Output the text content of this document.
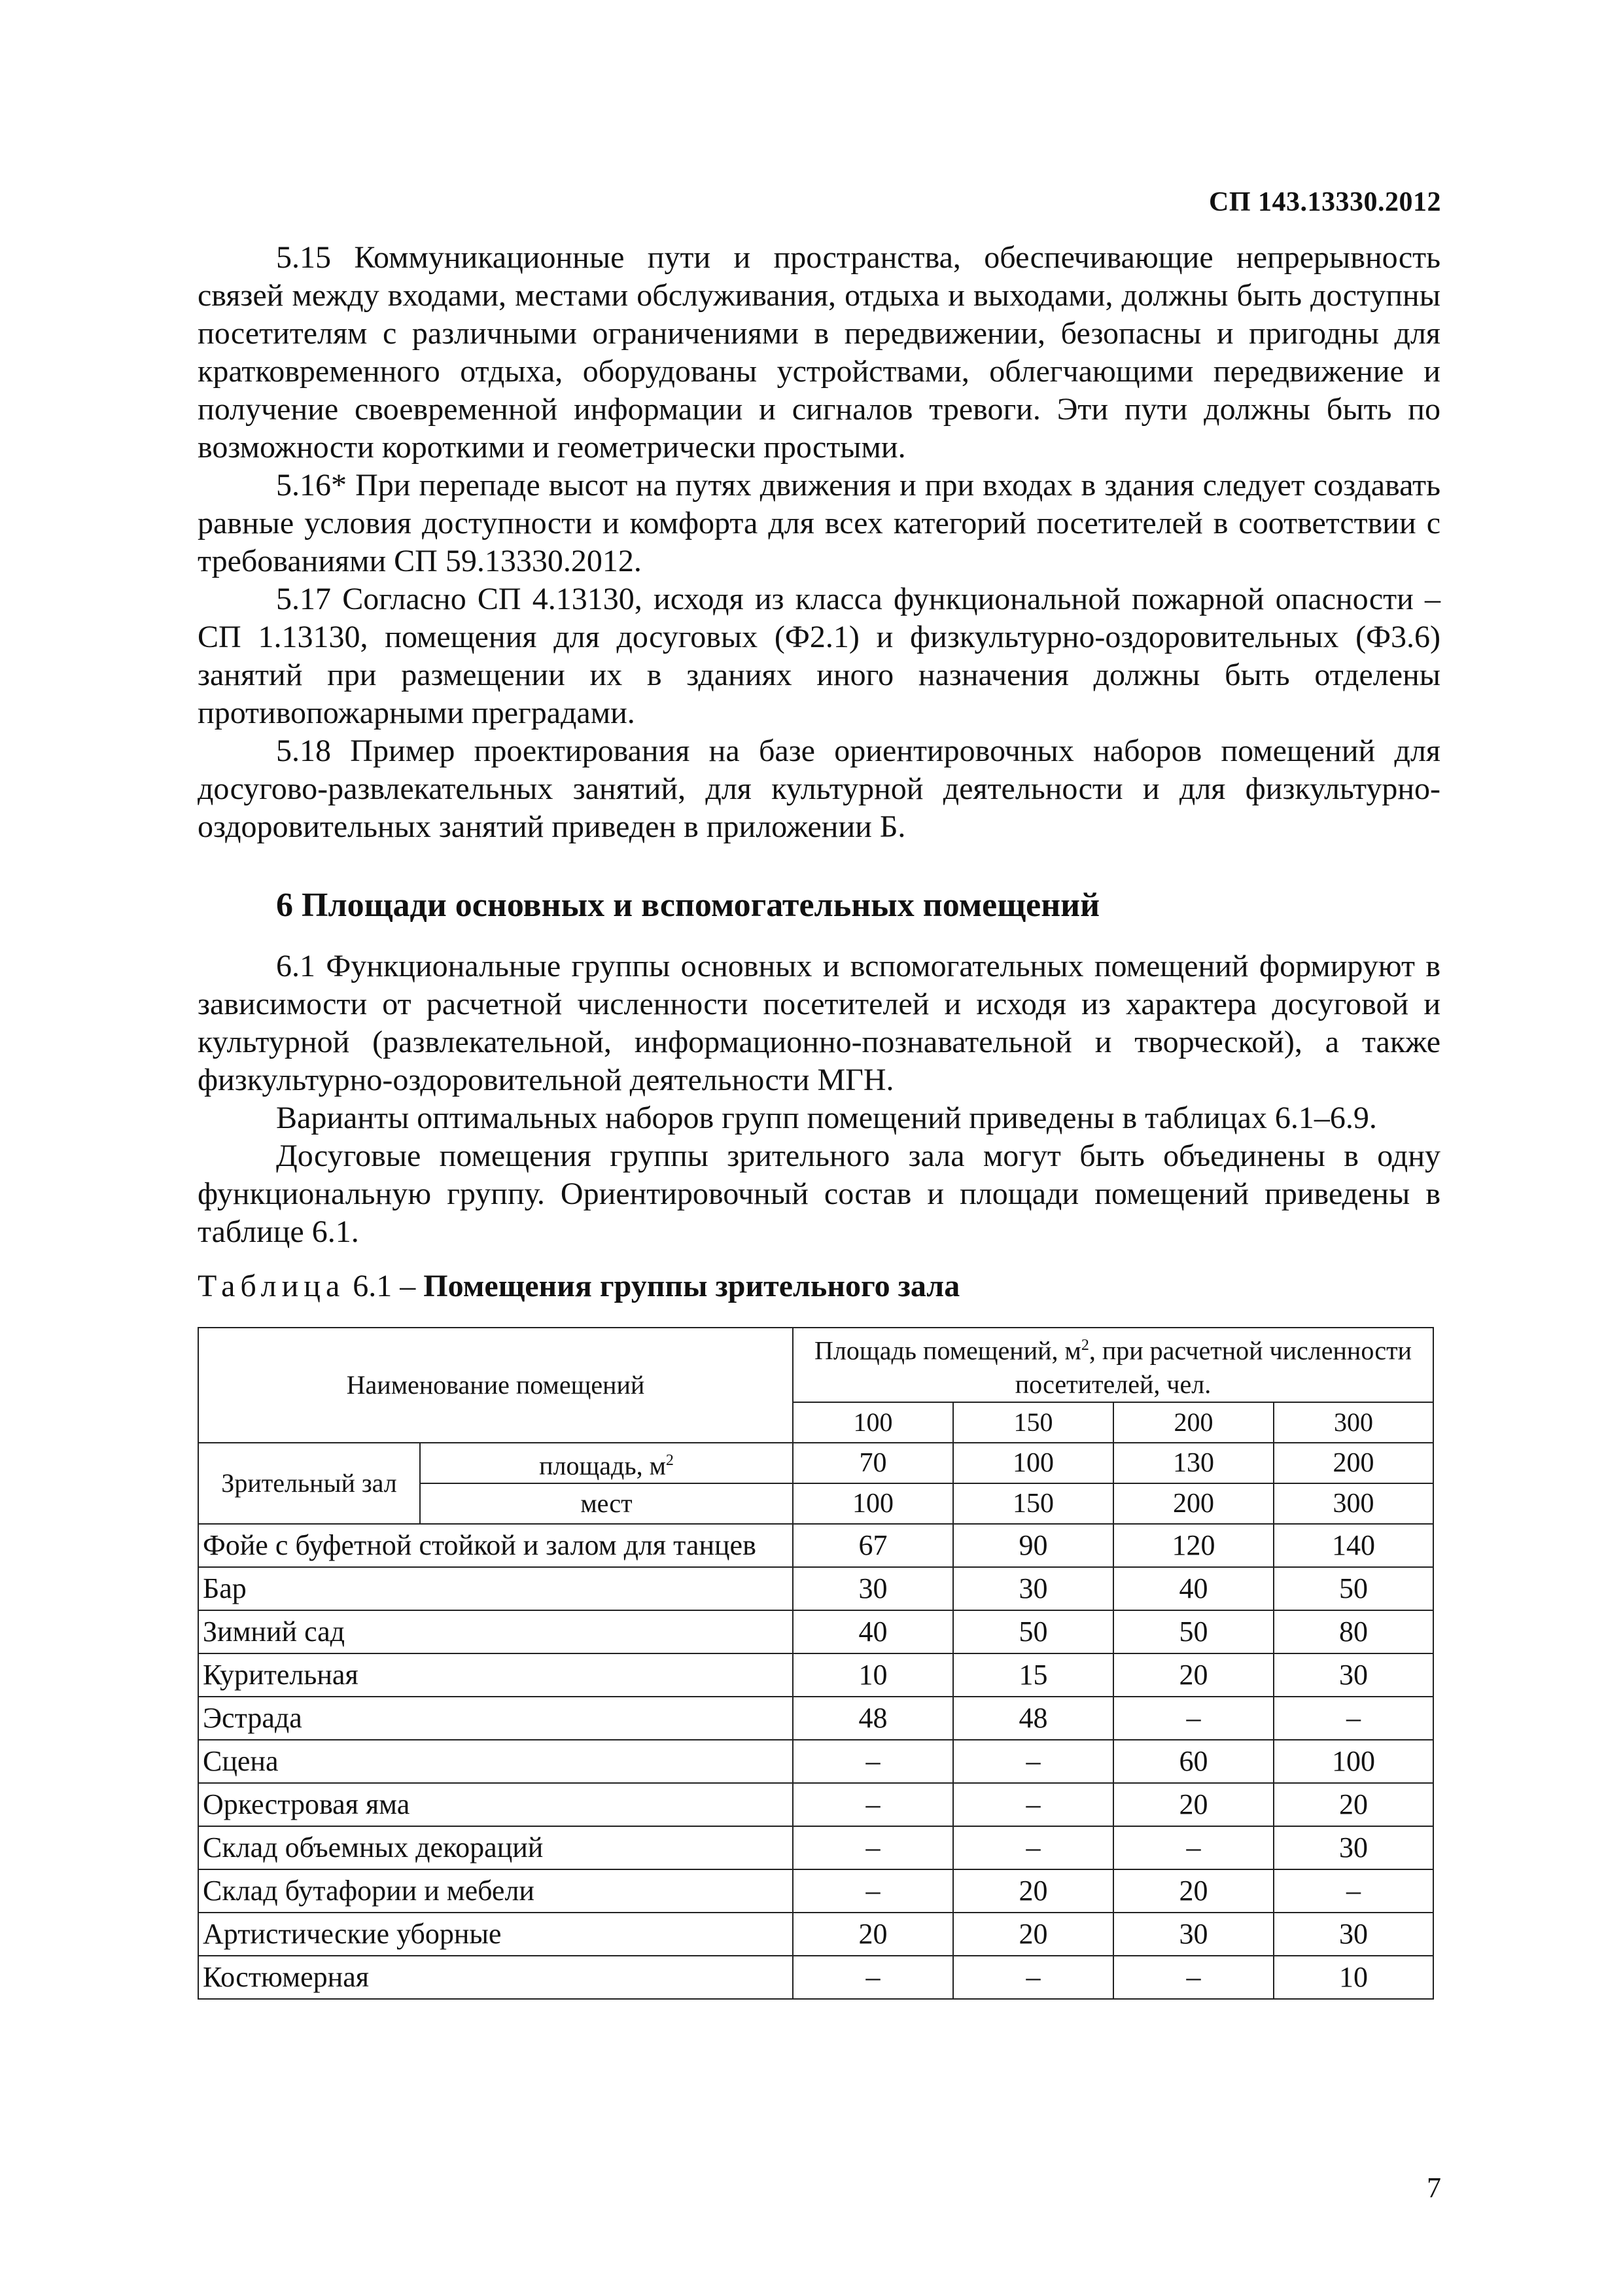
СП 143.13330.2012

5.15 Коммуникационные пути и пространства, обеспечивающие непрерывность связей между входами, местами обслуживания, отдыха и выходами, должны быть доступны посетителям с различными ограничениями в передвижении, безопасны и пригодны для кратковременного отдыха, оборудованы устройствами, облегчающими передвижение и получение своевременной информации и сигналов тревоги. Эти пути должны быть по возможности короткими и геометрически простыми.

5.16* При перепаде высот на путях движения и при входах в здания следует создавать равные условия доступности и комфорта для всех категорий посетителей в соответствии с требованиями СП 59.13330.2012.

5.17 Согласно СП 4.13130, исходя из класса функциональной пожарной опасности – СП 1.13130, помещения для досуговых (Ф2.1) и физкультурно-оздоровительных (Ф3.6) занятий при размещении их в зданиях иного назначения должны быть отделены противопожарными преградами.

5.18 Пример проектирования на базе ориентировочных наборов помещений для досугово-развлекательных занятий, для культурной деятельности и для физкультурно-оздоровительных занятий приведен в приложении Б.

6 Площади основных и вспомогательных помещений

6.1 Функциональные группы основных и вспомогательных помещений формируют в зависимости от расчетной численности посетителей и исходя из характера досуговой и культурной (развлекательной, информационно-познавательной и творческой), а также физкультурно-оздоровительной деятельности МГН.

Варианты оптимальных наборов групп помещений приведены в таблицах 6.1–6.9.

Досуговые помещения группы зрительного зала могут быть объединены в одну функциональную группу. Ориентировочный состав и площади помещений приведены в таблице 6.1.

Таблица 6.1 – Помещения группы зрительного зала
Наименование помещений		Площадь помещений, $м^2$, при расчетной численности посетителей, чел.			
		100	150	200	300
Зрительный зал	площадь, $м^2$	70	100	130	200
	мест	100	150	200	300
Фойе с буфетной стойкой и залом для танцев		67	90	120	140
Бар		30	30	40	50
Зимний сад		40	50	50	80
Курительная		10	15	20	30
Эстрада		48	48	–	–
Сцена		–	–	60	100
Оркестровая яма		–	–	20	20
Склад объемных декораций		–	–	–	30
Склад бутафории и мебели		–	20	20	–
Артистические уборные		20	20	30	30
Костюмерная		–	–	–	10
7
